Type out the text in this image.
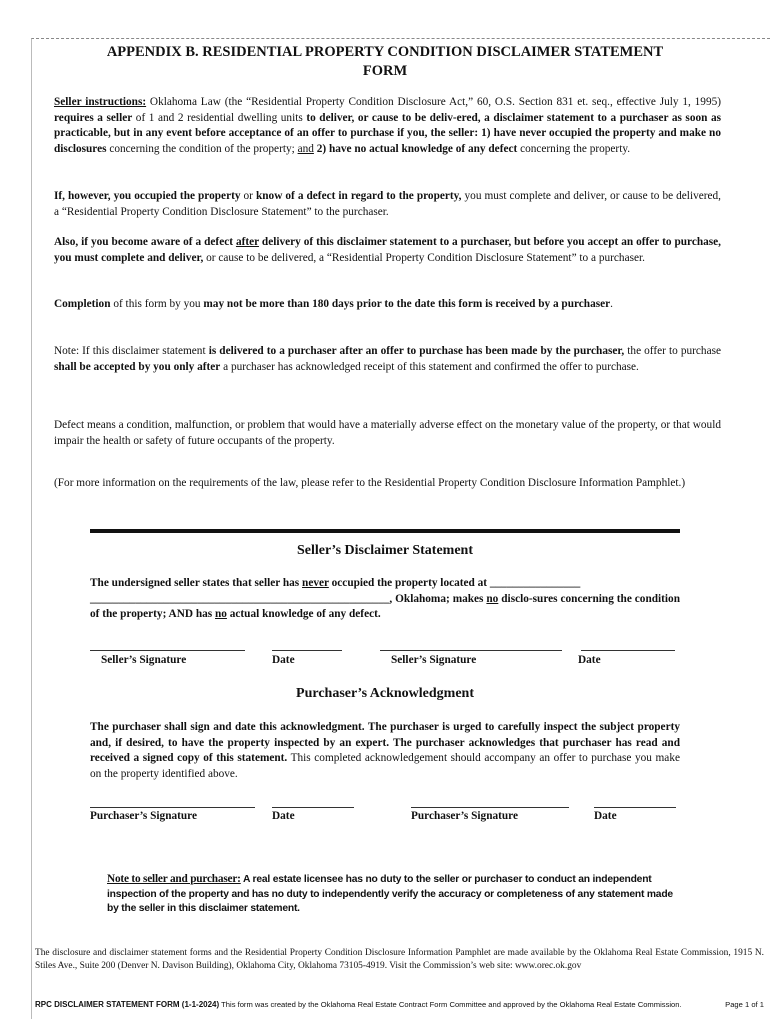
APPENDIX B. RESIDENTIAL PROPERTY CONDITION DISCLAIMER STATEMENT
FORM
Seller instructions: Oklahoma Law (the “Residential Property Condition Disclosure Act,” 60, O.S. Section 831 et. seq., effective July 1, 1995) requires a seller of 1 and 2 residential dwelling units to deliver, or cause to be deliv-ered, a disclaimer statement to a purchaser as soon as practicable, but in any event before acceptance of an offer to purchase if you, the seller: 1) have never occupied the property and make no disclosures concerning the condition of the property; and 2) have no actual knowledge of any defect concerning the property.
If, however, you occupied the property or know of a defect in regard to the property, you must complete and deliver, or cause to be delivered, a “Residential Property Condition Disclosure Statement” to the purchaser.
Also, if you become aware of a defect after delivery of this disclaimer statement to a purchaser, but before you accept an offer to purchase, you must complete and deliver, or cause to be delivered, a “Residential Property Condition Disclosure Statement” to a purchaser.
Completion of this form by you may not be more than 180 days prior to the date this form is received by a purchaser.
Note: If this disclaimer statement is delivered to a purchaser after an offer to purchase has been made by the purchaser, the offer to purchase shall be accepted by you only after a purchaser has acknowledged receipt of this statement and confirmed the offer to purchase.
Defect means a condition, malfunction, or problem that would have a materially adverse effect on the monetary value of the property, or that would impair the health or safety of future occupants of the property.
(For more information on the requirements of the law, please refer to the Residential Property Condition Disclosure Information Pamphlet.)
Seller’s Disclaimer Statement
The undersigned seller states that seller has never occupied the property located at ________________
_____________________________________________________, Oklahoma; makes no disclo-sures concerning the condition of the property; AND has no actual knowledge of any defect.
Seller’s Signature	Date	Seller’s Signature	Date
Purchaser’s Acknowledgment
The purchaser shall sign and date this acknowledgment. The purchaser is urged to carefully inspect the subject property and, if desired, to have the property inspected by an expert. The purchaser acknowledges that purchaser has read and received a signed copy of this statement. This completed acknowledgement should accompany an offer to purchase you make on the property identified above.
Purchaser’s Signature	Date	Purchaser’s Signature	Date
Note to seller and purchaser: A real estate licensee has no duty to the seller or purchaser to conduct an independent inspection of the property and has no duty to independently verify the accuracy or completeness of any statement made by the seller in this disclaimer statement.
The disclosure and disclaimer statement forms and the Residential Property Condition Disclosure Information Pamphlet are made available by the Oklahoma Real Estate Commission, 1915 N. Stiles Ave., Suite 200 (Denver N. Davison Building), Oklahoma City, Oklahoma 73105-4919. Visit the Commission’s web site: www.orec.ok.gov
RPC DISCLAIMER STATEMENT FORM (1-1-2024) This form was created by the Oklahoma Real Estate Contract Form Committee and approved by the Oklahoma Real Estate Commission.	Page 1 of 1
